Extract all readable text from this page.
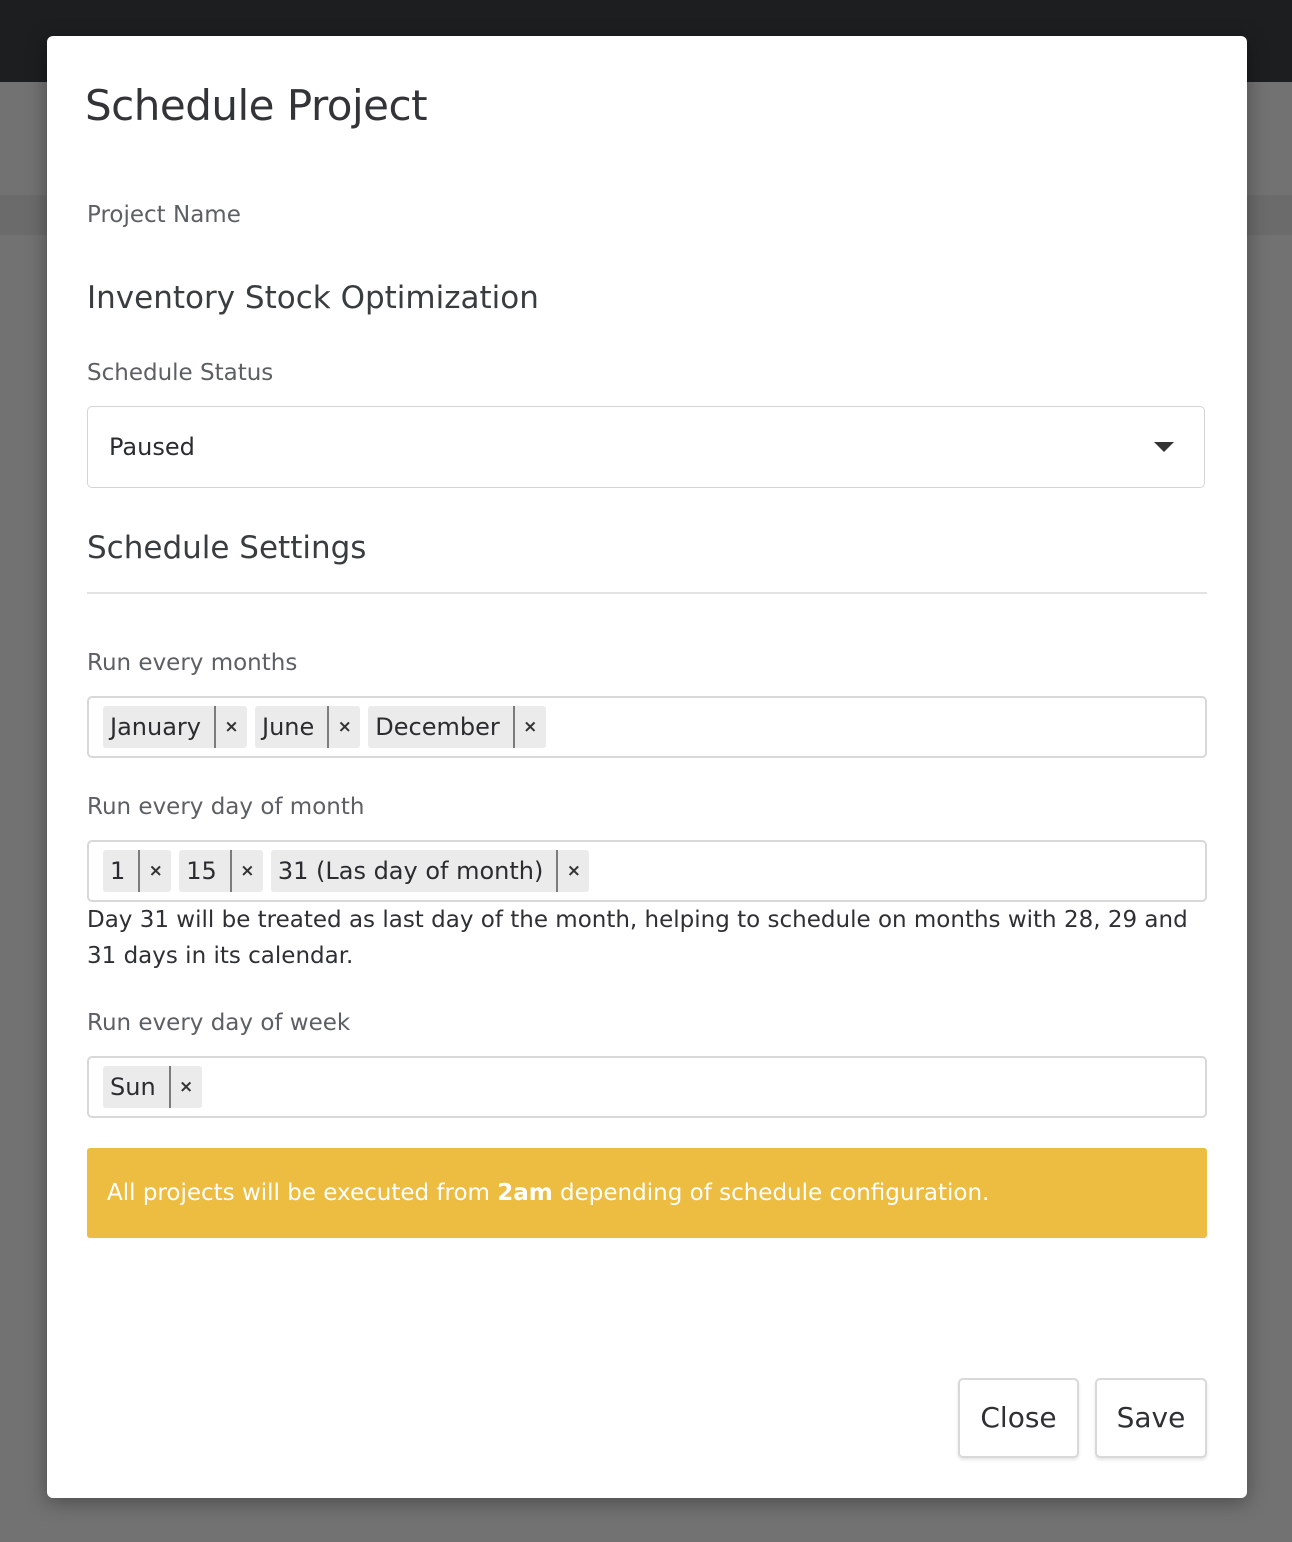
Schedule Project
Project Name
Inventory Stock Optimization
Schedule Status
Paused
Schedule Settings
Run every months
January	× June	× December	×
Run every day of month
1	× 15	× 31 (Las day of month)	×
Day 31 will be treated as last day of the month, helping to schedule on months with 28, 29 and 31 days in its calendar.
Run every day of week
Sun	×
All projects will be executed from 2am depending of schedule configuration.
Close	Save
